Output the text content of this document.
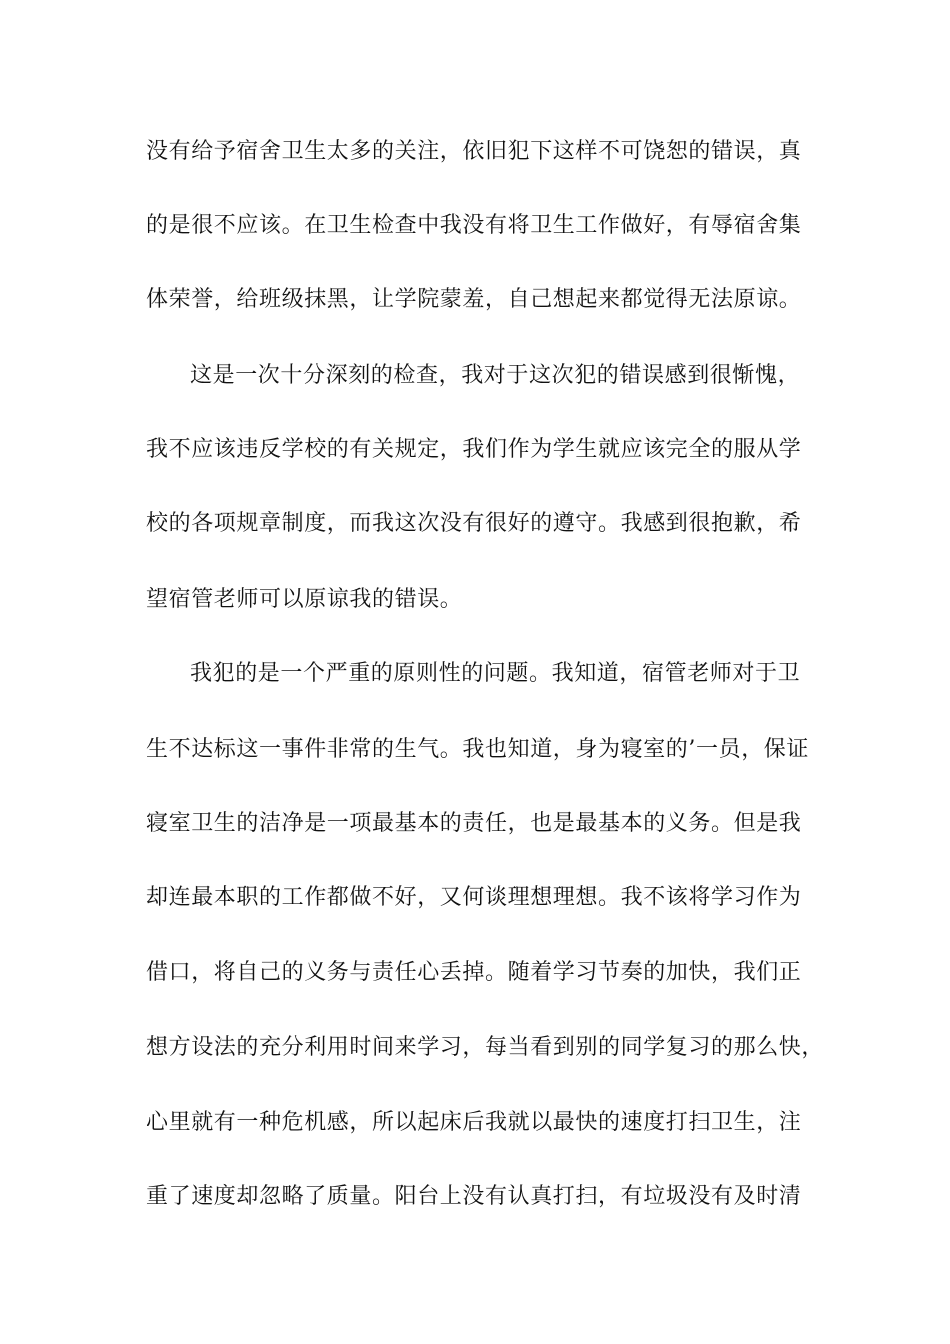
没有给予宿舍卫生太多的关注，依旧犯下这样不可饶恕的错误，真
的是很不应该。在卫生检查中我没有将卫生工作做好，有辱宿舍集
体荣誉，给班级抹黑，让学院蒙羞，自己想起来都觉得无法原谅。
这是一次十分深刻的检查，我对于这次犯的错误感到很惭愧，
我不应该违反学校的有关规定，我们作为学生就应该完全的服从学
校的各项规章制度，而我这次没有很好的遵守。我感到很抱歉，希
望宿管老师可以原谅我的错误。
我犯的是一个严重的原则性的问题。我知道，宿管老师对于卫
生不达标这一事件非常的生气。我也知道，身为寝室的’一员，保证
寝室卫生的洁净是一项最基本的责任，也是最基本的义务。但是我
却连最本职的工作都做不好，又何谈理想理想。我不该将学习作为
借口，将自己的义务与责任心丢掉。随着学习节奏的加快，我们正
想方设法的充分利用时间来学习，每当看到别的同学复习的那么快，
心里就有一种危机感，所以起床后我就以最快的速度打扫卫生，注
重了速度却忽略了质量。阳台上没有认真打扫，有垃圾没有及时清
